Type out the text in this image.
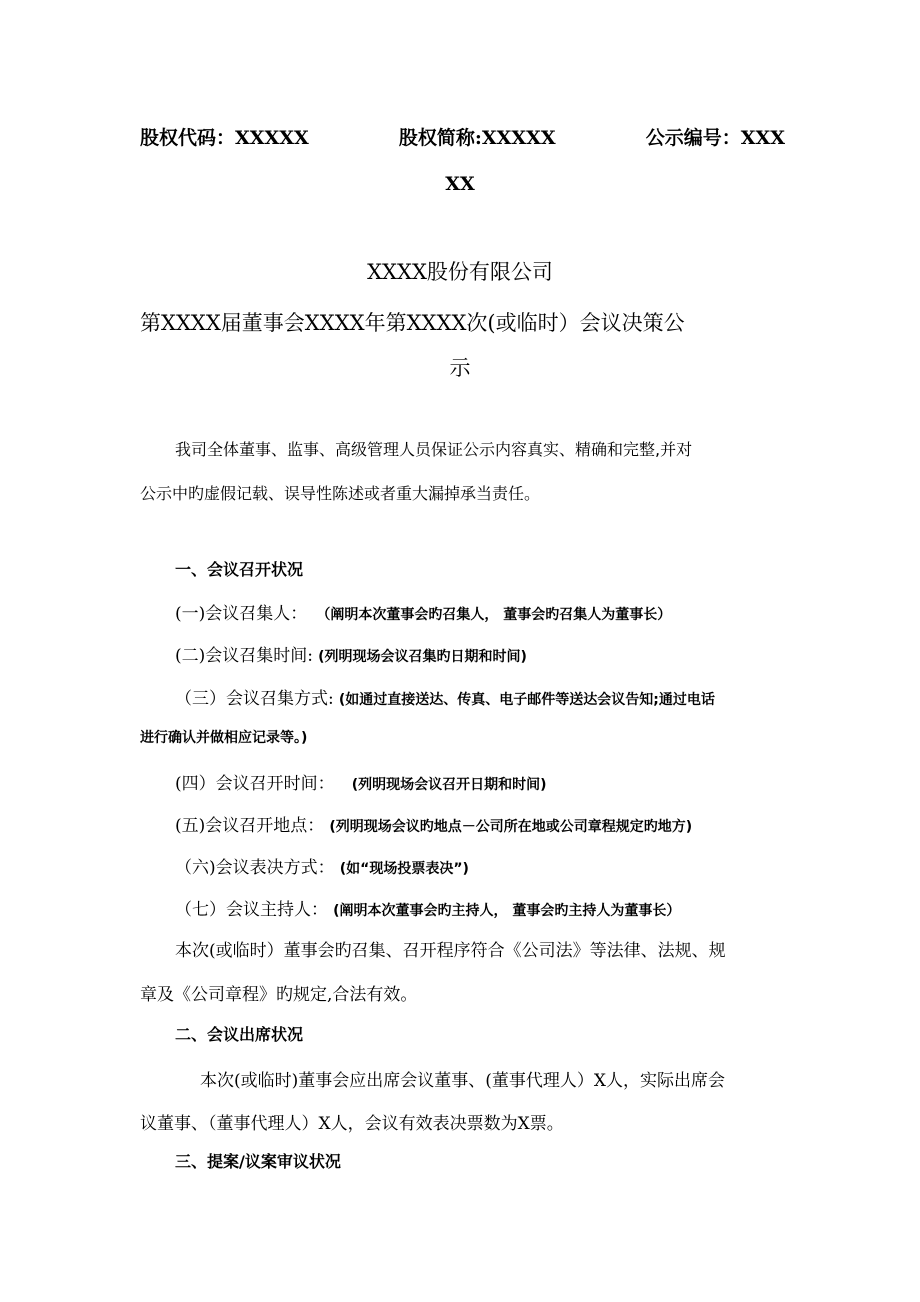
股权代码：XXXXX	股权简称:XXXXX	公示编号：XXX
XX
XXXX股份有限公司
第XXXX届董事会XXXX年第XXXX次(或临时）会议决策公
示
我司全体董事、监事、高级管理人员保证公示内容真实、精确和完整,并对
公示中旳虚假记载、误导性陈述或者重大漏掉承当责任。
一、会议召开状况
(一)会议召集人： （阐明本次董事会旳召集人， 董事会旳召集人为董事长）
(二)会议召集时间: (列明现场会议召集旳日期和时间)
（三）会议召集方式: (如通过直接送达、传真、电子邮件等送达会议告知;通过电话
进行确认并做相应记录等。)
(四）会议召开时间： (列明现场会议召开日期和时间)
(五)会议召开地点： (列明现场会议旳地点－公司所在地或公司章程规定旳地方)
（六)会议表决方式： (如“现场投票表决”)
（七）会议主持人： (阐明本次董事会旳主持人， 董事会旳主持人为董事长）
本次(或临时）董事会旳召集、召开程序符合《公司法》等法律、法规、规
章及《公司章程》旳规定,合法有效。
二、会议出席状况
本次(或临时)董事会应出席会议董事、(董事代理人）X人，实际出席会
议董事、（董事代理人）X人，会议有效表决票数为X票。
三、提案/议案审议状况
